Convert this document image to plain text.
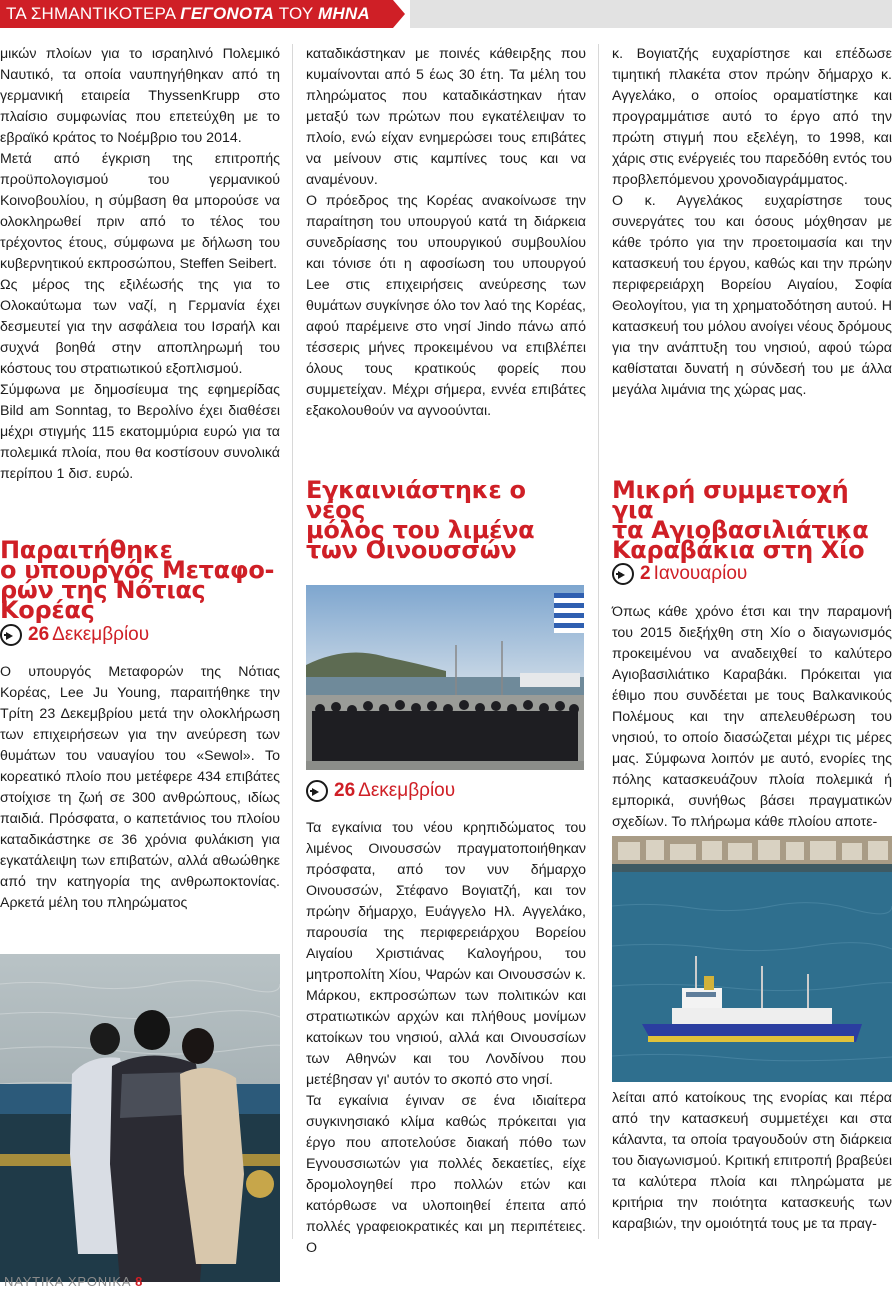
ΤΑ ΣΗΜΑΝΤΙΚΟΤΕΡΑ ΓΕΓΟΝΟΤΑ ΤΟΥ ΜΗΝΑ

μικών πλοίων για το ισραηλινό Πολεμικό Ναυτικό, τα οποία ναυπηγήθηκαν από τη γερμανική εταιρεία ThyssenKrupp στο πλαίσιο συμφωνίας που επετεύχθη με το εβραϊκό κράτος το Νοέμβριο του 2014.

Μετά από έγκριση της επιτροπής προϋπολογισμού του γερμανικού Κοινοβουλίου, η σύμβαση θα μπορούσε να ολοκληρωθεί πριν από το τέλος του τρέχοντος έτους, σύμφωνα με δήλωση του κυβερνητικού εκπροσώπου, Steffen Seibert.

Ως μέρος της εξιλέωσής της για το Ολοκαύτωμα των ναζί, η Γερμανία έχει δεσμευτεί για την ασφάλεια του Ισραήλ και συχνά βοηθά στην αποπληρωμή του κόστους του στρατιωτικού εξοπλισμού.

Σύμφωνα με δημοσίευμα της εφημερίδας Bild am Sonntag, το Βερολίνο έχει διαθέσει μέχρι στιγμής 115 εκατομμύρια ευρώ για τα πολεμικά πλοία, που θα κοστίσουν συνολικά περίπου 1 δισ. ευρώ.

Παραιτήθηκε
ο υπουργός Μεταφο-
ρών της Νότιας Κορέας
26 Δεκεμβρίου

Ο υπουργός Μεταφορών της Νότιας Κορέας, Lee Ju Young, παραιτήθηκε την Τρίτη 23 Δεκεμβρίου μετά την ολοκλήρωση των επιχειρήσεων για την ανεύρεση των θυμάτων του ναυαγίου του «Sewol». Το κορεατικό πλοίο που μετέφερε 434 επιβάτες στοίχισε τη ζωή σε 300 ανθρώπους, ιδίως παιδιά. Πρόσφατα, ο καπετάνιος του πλοίου καταδικάστηκε σε 36 χρόνια φυλάκιση για εγκατάλειψη των επιβατών, αλλά αθωώθηκε από την κατηγορία της ανθρωποκτονίας. Αρκετά μέλη του πληρώματος

καταδικάστηκαν με ποινές κάθειρξης που κυμαίνονται από 5 έως 30 έτη. Τα μέλη του πληρώματος που καταδικάστηκαν ήταν μεταξύ των πρώτων που εγκατέλειψαν το πλοίο, ενώ είχαν ενημερώσει τους επιβάτες να μείνουν στις καμπίνες τους και να αναμένουν.

Ο πρόεδρος της Κορέας ανακοίνωσε την παραίτηση του υπουργού κατά τη διάρκεια συνεδρίασης του υπουργικού συμβουλίου και τόνισε ότι η αφοσίωση του υπουργού Lee στις επιχειρήσεις ανεύρεσης των θυμάτων συγκίνησε όλο τον λαό της Κορέας, αφού παρέμεινε στο νησί Jindo πάνω από τέσσερις μήνες προκειμένου να επιβλέπει όλους τους κρατικούς φορείς που συμμετείχαν. Μέχρι σήμερα, εννέα επιβάτες εξακολουθούν να αγνοούνται.

Εγκαινιάστηκε ο νέος
μόλος του λιμένα
των Οινουσσών
26 Δεκεμβρίου

Τα εγκαίνια του νέου κρηπιδώματος του λιμένος Οινουσσών πραγματοποιήθηκαν πρόσφατα, από τον νυν δήμαρχο Οινουσσών, Στέφανο Βογιατζή, και τον πρώην δήμαρχο, Ευάγγελο Ηλ. Αγγελάκο, παρουσία της περιφερειάρχου Βορείου Αιγαίου Χριστιάνας Καλογήρου, του μητροπολίτη Χίου, Ψαρών και Οινουσσών κ. Μάρκου, εκπροσώπων των πολιτικών και στρατιωτικών αρχών και πλήθους μονίμων κατοίκων του νησιού, αλλά και Οινουσσίων των Αθηνών και του Λονδίνου που μετέβησαν γι' αυτόν το σκοπό στο νησί.

Τα εγκαίνια έγιναν σε ένα ιδιαίτερα συγκινησιακό κλίμα καθώς πρόκειται για έργο που αποτελούσε διακαή πόθο των Εγνουσσιωτών για πολλές δεκαετίες, είχε δρομολογηθεί προ πολλών ετών και κατόρθωσε να υλοποιηθεί έπειτα από πολλές γραφειοκρατικές και μη περιπέτειες. Ο

κ. Βογιατζής ευχαρίστησε και επέδωσε τιμητική πλακέτα στον πρώην δήμαρχο κ. Αγγελάκο, ο οποίος οραματίστηκε και προγραμμάτισε αυτό το έργο από την πρώτη στιγμή που εξελέγη, το 1998, και χάρις στις ενέργειές του παρεδόθη εντός του προβλεπόμενου χρονοδιαγράμματος.

Ο κ. Αγγελάκος ευχαρίστησε τους συνεργάτες του και όσους μόχθησαν με κάθε τρόπο για την προετοιμασία και την κατασκευή του έργου, καθώς και την πρώην περιφερειάρχη Βορείου Αιγαίου, Σοφία Θεολογίτου, για τη χρηματοδότηση αυτού. Η κατασκευή του μόλου ανοίγει νέους δρόμους για την ανάπτυξη του νησιού, αφού τώρα καθίσταται δυνατή η σύνδεσή του με άλλα μεγάλα λιμάνια της χώρας μας.

Μικρή συμμετοχή για
τα Αγιοβασιλιάτικα
Καραβάκια στη Χίο
2 Ιανουαρίου

Όπως κάθε χρόνο έτσι και την παραμονή του 2015 διεξήχθη στη Χίο ο διαγωνισμός προκειμένου να αναδειχθεί το καλύτερο Αγιοβασιλιάτικο Καραβάκι. Πρόκειται για έθιμο που συνδέεται με τους Βαλκανικούς Πολέμους και την απελευθέρωση του νησιού, το οποίο διασώζεται μέχρι τις μέρες μας. Σύμφωνα λοιπόν με αυτό, ενορίες της πόλης κατασκευάζουν πλοία πολεμικά ή εμπορικά, συνήθως βάσει πραγματικών σχεδίων. Το πλήρωμα κάθε πλοίου αποτε-

λείται από κατοίκους της ενορίας και πέρα από την κατασκευή συμμετέχει και στα κάλαντα, τα οποία τραγουδούν στη διάρκεια του διαγωνισμού. Κριτική επιτροπή βραβεύει τα καλύτερα πλοία και πληρώματα με κριτήρια την ποιότητα κατασκευής των καραβιών, την ομοιότητά τους με τα πραγ-

ΝΑΥΤΙΚΑ ΧΡΟΝΙΚΑ 8
